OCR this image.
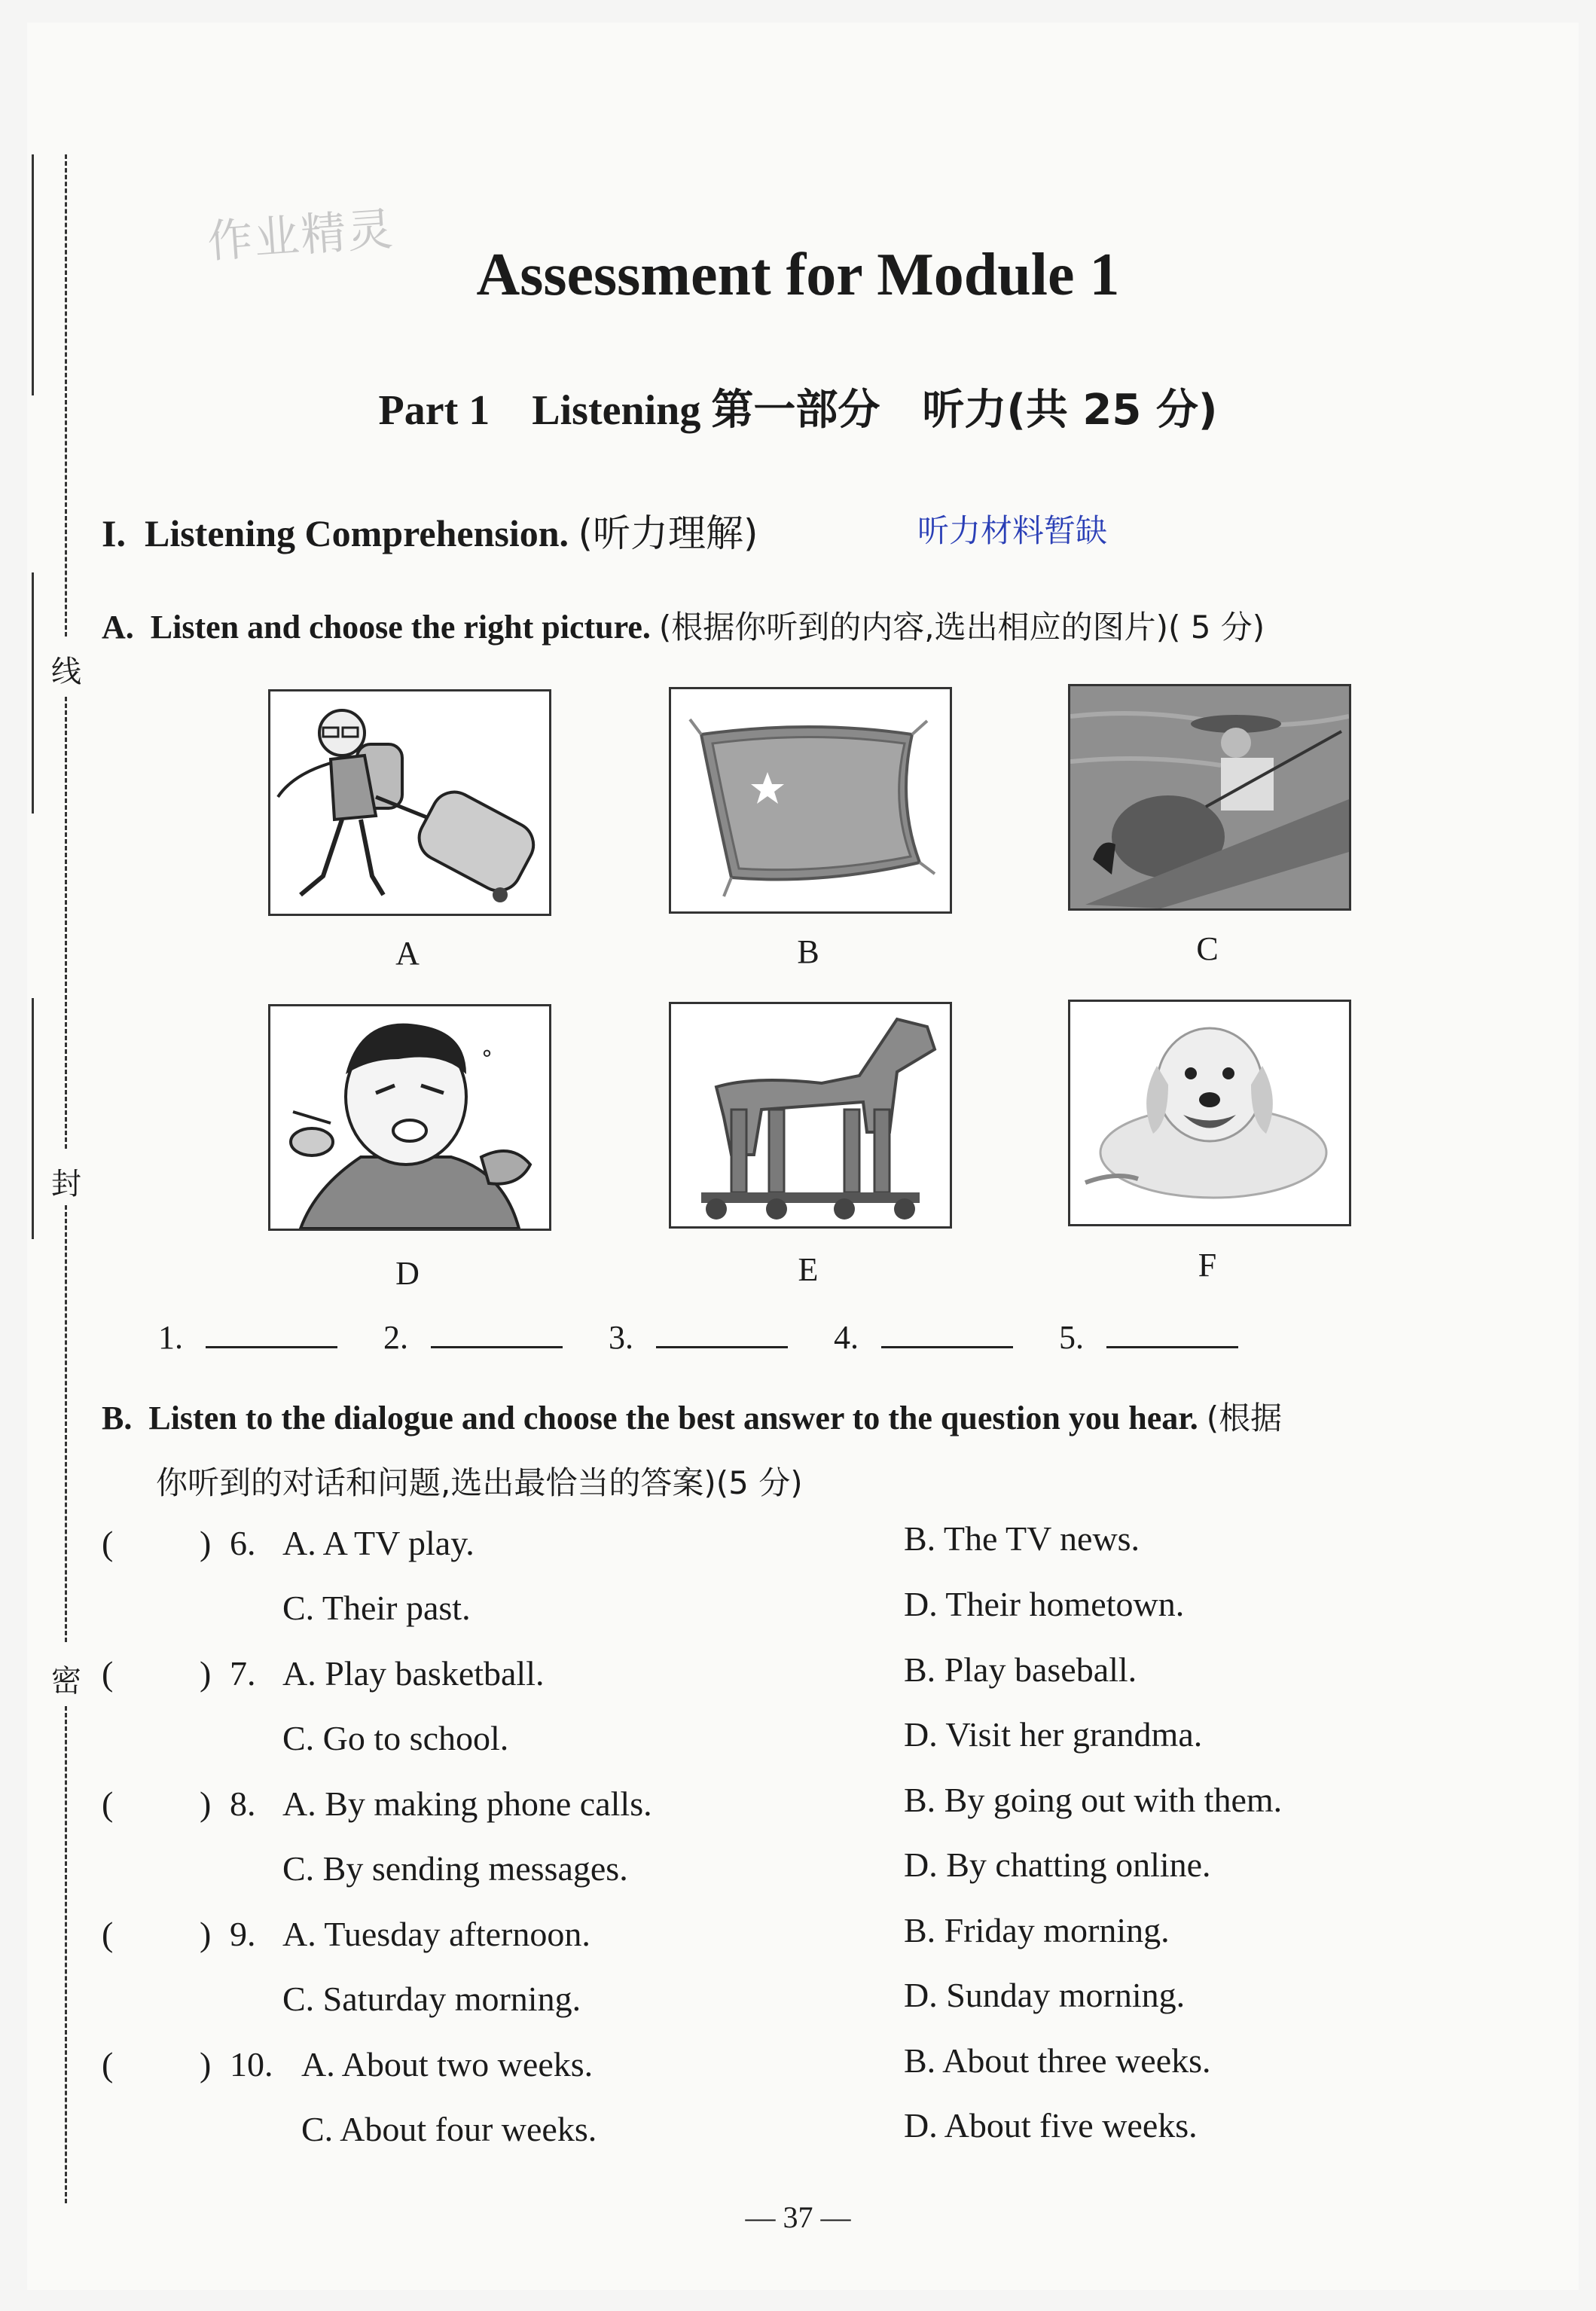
线
封
密
作业精灵
Assessment for Module 1
Part 1 Listening 第一部分 听力(共 25 分)
I. Listening Comprehension. (听力理解)	听力材料暂缺
A. Listen and choose the right picture. (根据你听到的内容,选出相应的图片)( 5 分)
A	B	C
°
D	E	F
1.	2.	3.	4.	5.
B. Listen to the dialogue and choose the best answer to the question you hear. (根据
你听到的对话和问题,选出最恰当的答案)(5 分)
( ) 6. A. A TV play.	B. The TV news.
C. Their past.	D. Their hometown.
( ) 7. A. Play basketball.	B. Play baseball.
C. Go to school.	D. Visit her grandma.
( ) 8. A. By making phone calls.	B. By going out with them.
C. By sending messages.	D. By chatting online.
( ) 9. A. Tuesday afternoon.	B. Friday morning.
C. Saturday morning.	D. Sunday morning.
( ) 10. A. About two weeks.	B. About three weeks.
C. About four weeks.	D. About five weeks.
— 37 —
